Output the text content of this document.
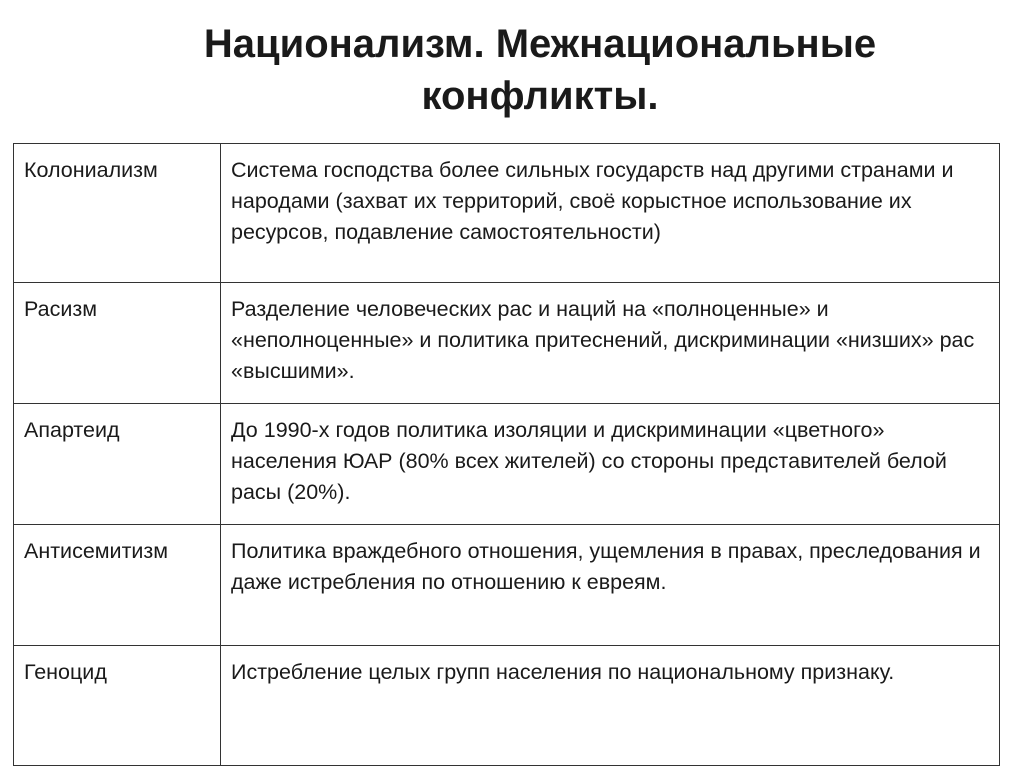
Национализм. Межнациональные
конфликты.
Колониализм	Система господства более сильных государств над другими странами и народами (захват их территорий, своё корыстное использование их ресурсов, подавление самостоятельности)
Расизм	Разделение человеческих рас и наций на «полноценные» и «неполноценные» и политика притеснений, дискриминации «низших» рас «высшими».
Апартеид	До 1990-х годов политика изоляции и дискриминации «цветного» населения ЮАР (80% всех жителей) со стороны представителей белой расы (20%).
Антисемитизм	Политика враждебного отношения, ущемления в правах, преследования и даже истребления по отношению к евреям.
Геноцид	Истребление целых групп населения по национальному признаку.
